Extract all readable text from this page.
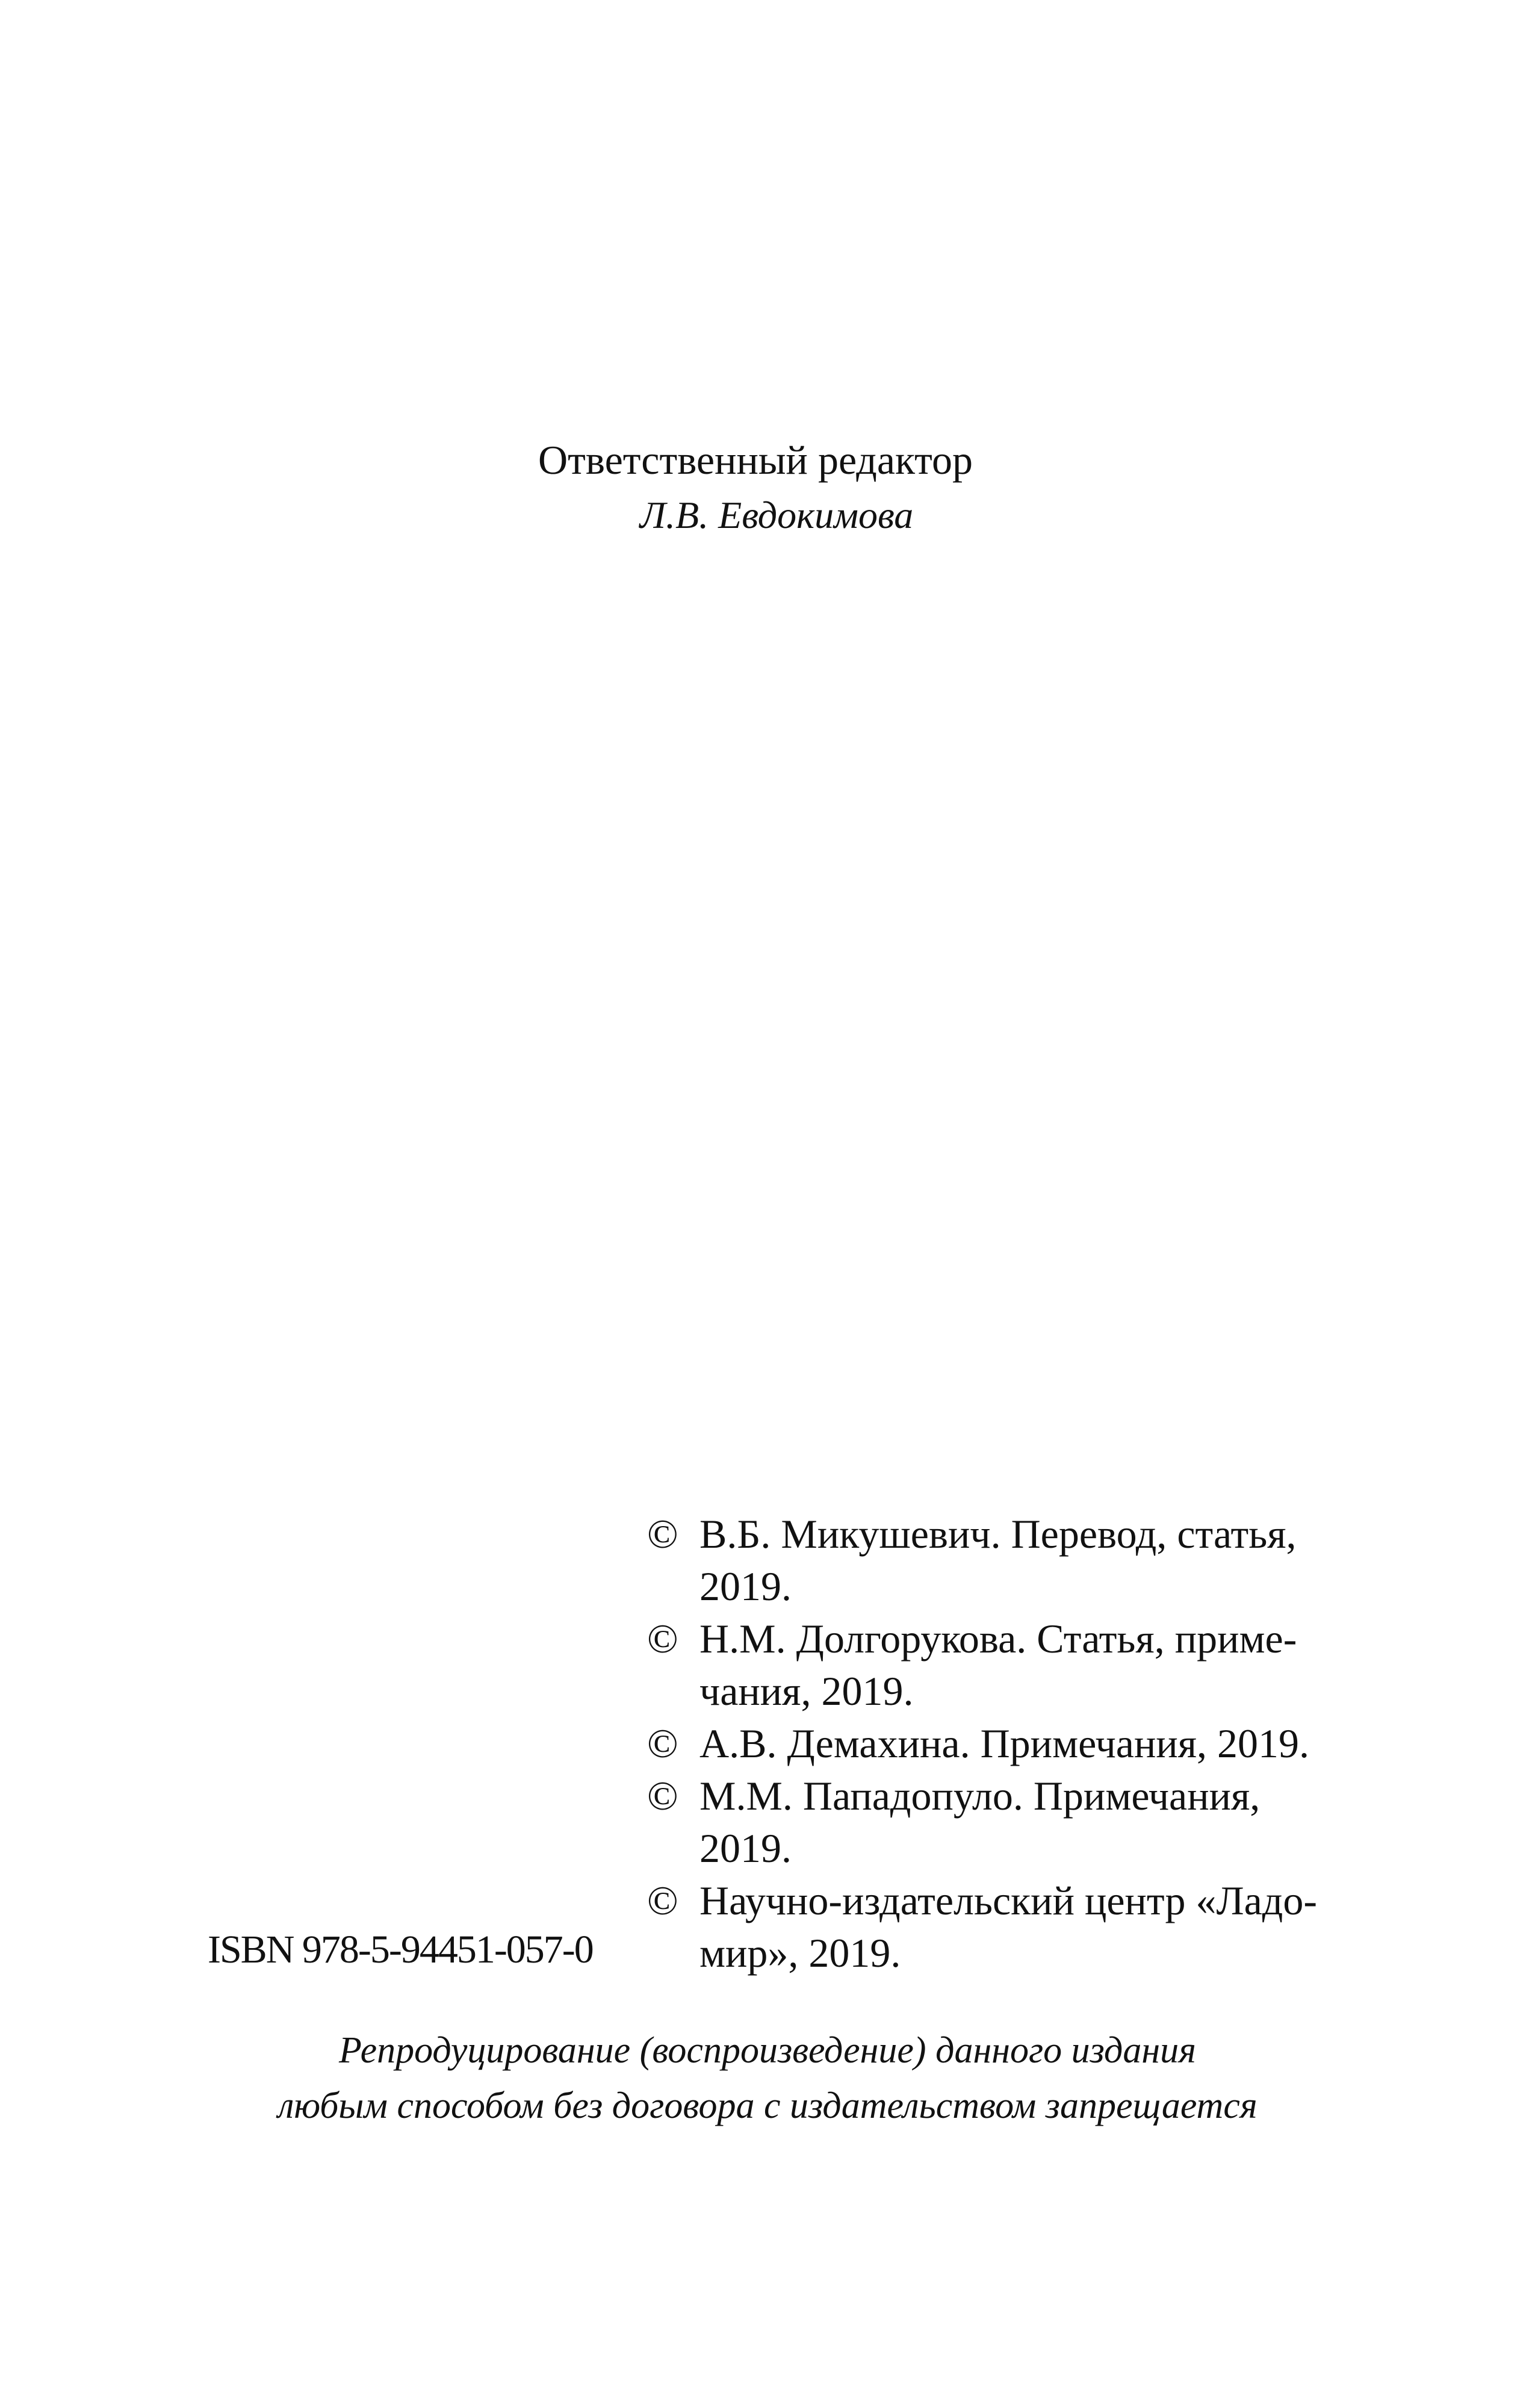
Ответственный редактор
Л.В. Евдокимова
© В.Б. Микушевич. Перевод, статья,
2019.
© Н.М. Долгорукова. Статья, приме-
чания, 2019.
© А.В. Демахина. Примечания, 2019.
© М.М. Пападопуло. Примечания,
2019.
© Научно-издательский центр «Ладо-
мир», 2019.
ISBN 978-5-94451-057-0
Репродуцирование (воспроизведение) данного издания
любым способом без договора с издательством запрещается
